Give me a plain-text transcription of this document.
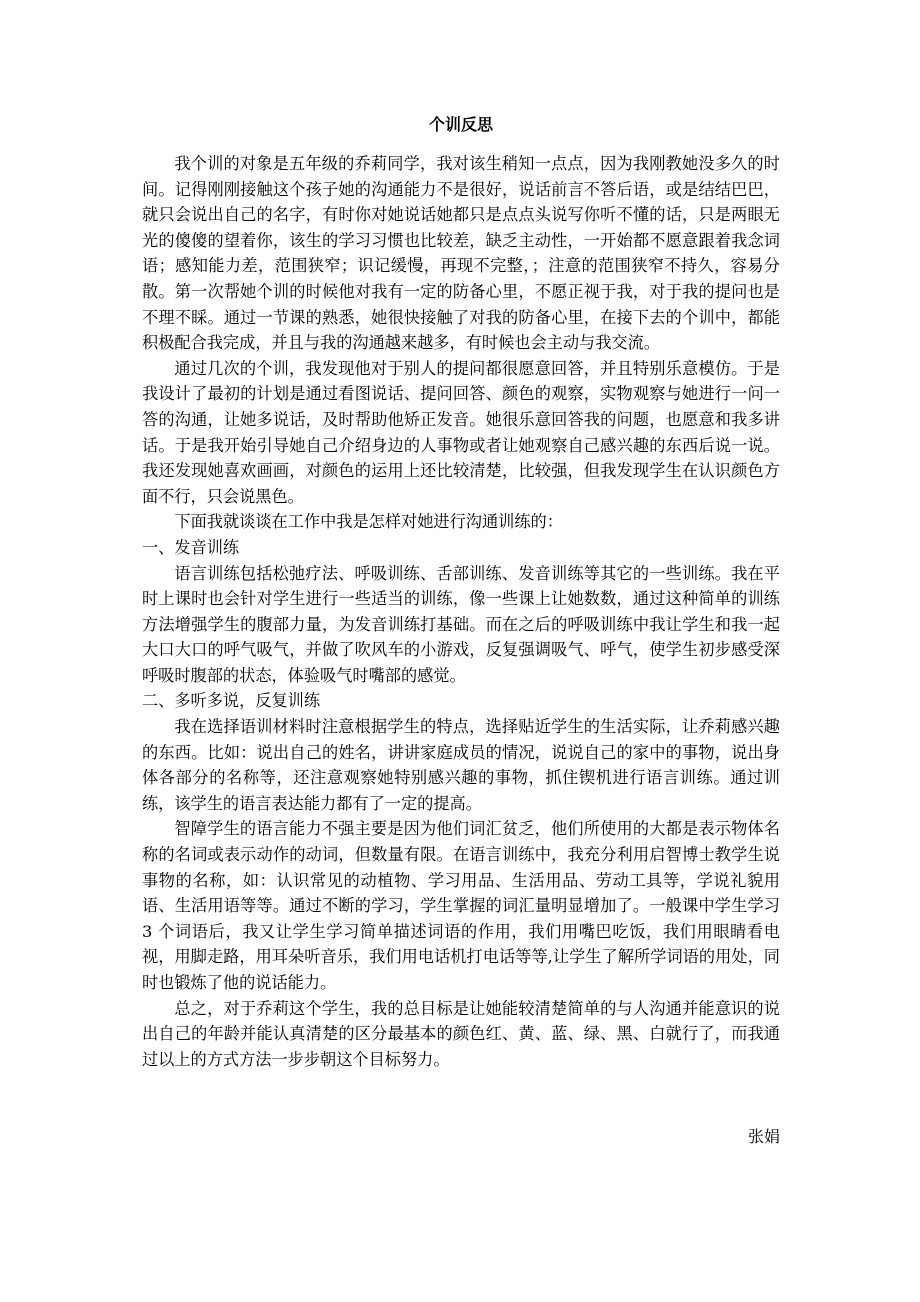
个训反思

我个训的对象是五年级的乔莉同学，我对该生稍知一点点，因为我刚教她没多久的时间。记得刚刚接触这个孩子她的沟通能力不是很好，说话前言不答后语，或是结结巴巴，就只会说出自己的名字，有时你对她说话她都只是点点头说写你听不懂的话，只是两眼无光的傻傻的望着你，该生的学习习惯也比较差，缺乏主动性，一开始都不愿意跟着我念词语；感知能力差，范围狭窄；识记缓慢，再现不完整，；注意的范围狭窄不持久，容易分散。第一次帮她个训的时候他对我有一定的防备心里，不愿正视于我，对于我的提问也是不理不睬。通过一节课的熟悉，她很快接触了对我的防备心里，在接下去的个训中，都能积极配合我完成，并且与我的沟通越来越多，有时候也会主动与我交流。

通过几次的个训，我发现他对于别人的提问都很愿意回答，并且特别乐意模仿。于是我设计了最初的计划是通过看图说话、提问回答、颜色的观察，实物观察与她进行一问一答的沟通，让她多说话，及时帮助他矫正发音。她很乐意回答我的问题，也愿意和我多讲话。于是我开始引导她自己介绍身边的人事物或者让她观察自己感兴趣的东西后说一说。我还发现她喜欢画画，对颜色的运用上还比较清楚，比较强，但我发现学生在认识颜色方面不行，只会说黑色。

下面我就谈谈在工作中我是怎样对她进行沟通训练的：

一、发音训练

语言训练包括松弛疗法、呼吸训练、舌部训练、发音训练等其它的一些训练。我在平时上课时也会针对学生进行一些适当的训练，像一些课上让她数数，通过这种简单的训练方法增强学生的腹部力量，为发音训练打基础。而在之后的呼吸训练中我让学生和我一起大口大口的呼气吸气，并做了吹风车的小游戏，反复强调吸气、呼气，使学生初步感受深呼吸时腹部的状态，体验吸气时嘴部的感觉。

二、多听多说，反复训练

我在选择语训材料时注意根据学生的特点，选择贴近学生的生活实际，让乔莉感兴趣的东西。比如：说出自己的姓名，讲讲家庭成员的情况，说说自己的家中的事物，说出身体各部分的名称等，还注意观察她特别感兴趣的事物，抓住锲机进行语言训练。通过训练，该学生的语言表达能力都有了一定的提高。

智障学生的语言能力不强主要是因为他们词汇贫乏，他们所使用的大都是表示物体名称的名词或表示动作的动词，但数量有限。在语言训练中，我充分利用启智博士教学生说事物的名称，如：认识常见的动植物、学习用品、生活用品、劳动工具等，学说礼貌用语、生活用语等等。通过不断的学习，学生掌握的词汇量明显增加了。一般课中学生学习 3 个词语后，我又让学生学习简单描述词语的作用，我们用嘴巴吃饭，我们用眼睛看电视，用脚走路，用耳朵听音乐，我们用电话机打电话等等,让学生了解所学词语的用处，同时也锻炼了他的说话能力。

总之，对于乔莉这个学生，我的总目标是让她能较清楚简单的与人沟通并能意识的说出自己的年龄并能认真清楚的区分最基本的颜色红、黄、蓝、绿、黑、白就行了，而我通过以上的方式方法一步步朝这个目标努力。

张娟
